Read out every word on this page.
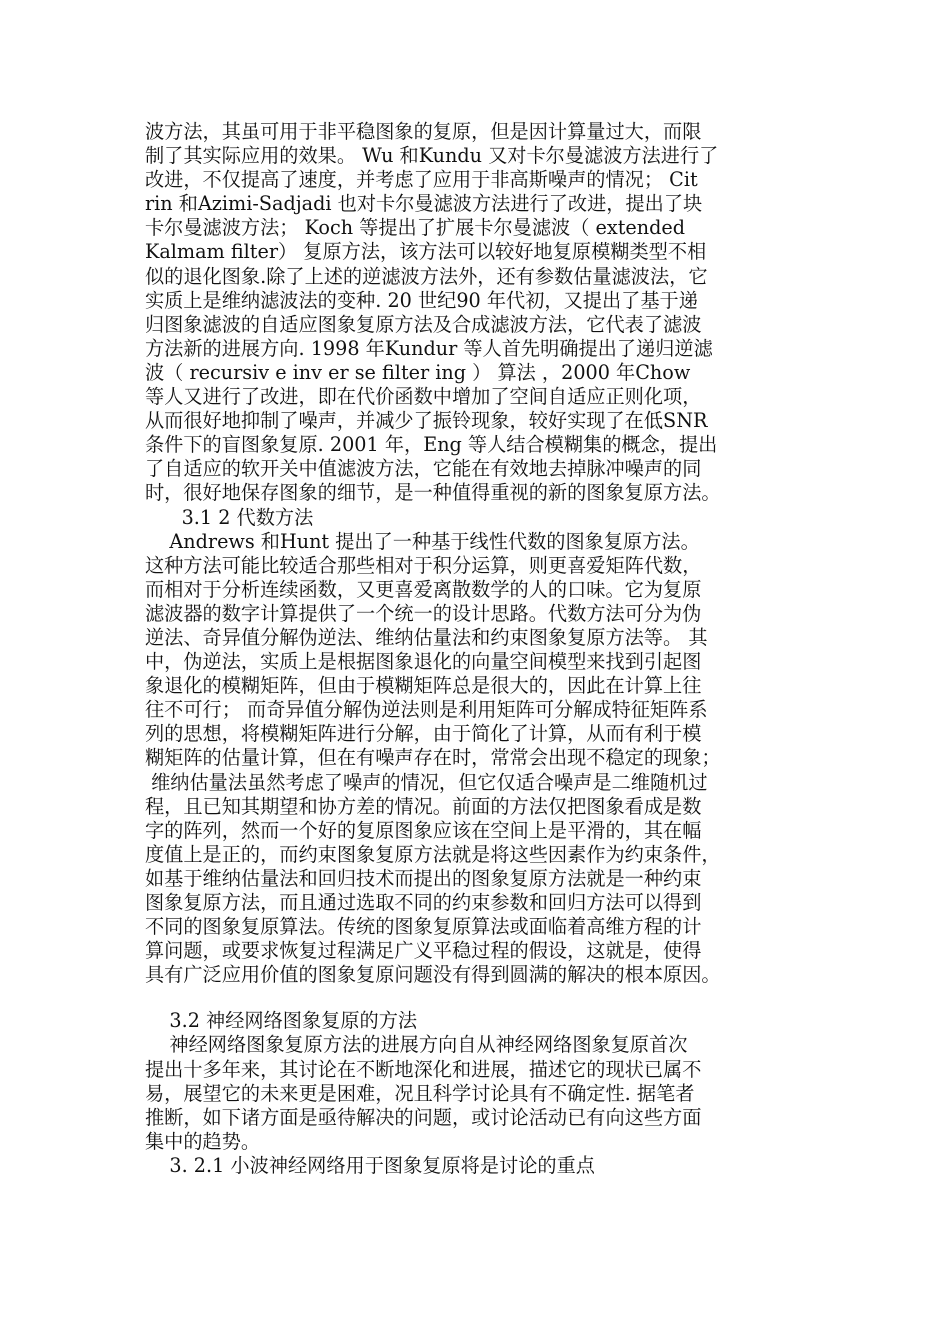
波方法，其虽可用于非平稳图象的复原，但是因计算量过大，而限
制了其实际应用的效果。 Wu 和Kundu 又对卡尔曼滤波方法进行了
改进，不仅提高了速度，并考虑了应用于非高斯噪声的情况； Cit
rin 和Azimi-Sadjadi 也对卡尔曼滤波方法进行了改进，提出了块
卡尔曼滤波方法； Koch 等提出了扩展卡尔曼滤波（ extended
Kalmam filter） 复原方法，该方法可以较好地复原模糊类型不相
似的退化图象.除了上述的逆滤波方法外，还有参数估量滤波法，它
实质上是维纳滤波法的变种. 20 世纪90 年代初，又提出了基于递
归图象滤波的自适应图象复原方法及合成滤波方法，它代表了滤波
方法新的进展方向. 1998 年Kundur 等人首先明确提出了递归逆滤
波（ recursiv e inv er se filter ing ） 算法 ，2000 年Chow
等人又进行了改进，即在代价函数中增加了空间自适应正则化项，
从而很好地抑制了噪声，并减少了振铃现象，较好实现了在低SNR
条件下的盲图象复原. 2001 年，Eng 等人结合模糊集的概念，提出
了自适应的软开关中值滤波方法，它能在有效地去掉脉冲噪声的同
时，很好地保存图象的细节，是一种值得重视的新的图象复原方法。
3.1 2 代数方法
Andrews 和Hunt 提出了一种基于线性代数的图象复原方法。
这种方法可能比较适合那些相对于积分运算，则更喜爱矩阵代数，
而相对于分析连续函数，又更喜爱离散数学的人的口味。它为复原
滤波器的数字计算提供了一个统一的设计思路。代数方法可分为伪
逆法、奇异值分解伪逆法、维纳估量法和约束图象复原方法等。 其
中，伪逆法，实质上是根据图象退化的向量空间模型来找到引起图
象退化的模糊矩阵，但由于模糊矩阵总是很大的，因此在计算上往
往不可行； 而奇异值分解伪逆法则是利用矩阵可分解成特征矩阵系
列的思想，将模糊矩阵进行分解，由于简化了计算，从而有利于模
糊矩阵的估量计算，但在有噪声存在时，常常会出现不稳定的现象；
维纳估量法虽然考虑了噪声的情况，但它仅适合噪声是二维随机过
程，且已知其期望和协方差的情况。前面的方法仅把图象看成是数
字的阵列，然而一个好的复原图象应该在空间上是平滑的，其在幅
度值上是正的，而约束图象复原方法就是将这些因素作为约束条件，
如基于维纳估量法和回归技术而提出的图象复原方法就是一种约束
图象复原方法，而且通过选取不同的约束参数和回归方法可以得到
不同的图象复原算法。传统的图象复原算法或面临着高维方程的计
算问题，或要求恢复过程满足广义平稳过程的假设，这就是，使得
具有广泛应用价值的图象复原问题没有得到圆满的解决的根本原因。
3.2 神经网络图象复原的方法
神经网络图象复原方法的进展方向自从神经网络图象复原首次
提出十多年来，其讨论在不断地深化和进展，描述它的现状已属不
易，展望它的未来更是困难，况且科学讨论具有不确定性. 据笔者
推断，如下诸方面是亟待解决的问题，或讨论活动已有向这些方面
集中的趋势。
3. 2.1 小波神经网络用于图象复原将是讨论的重点
